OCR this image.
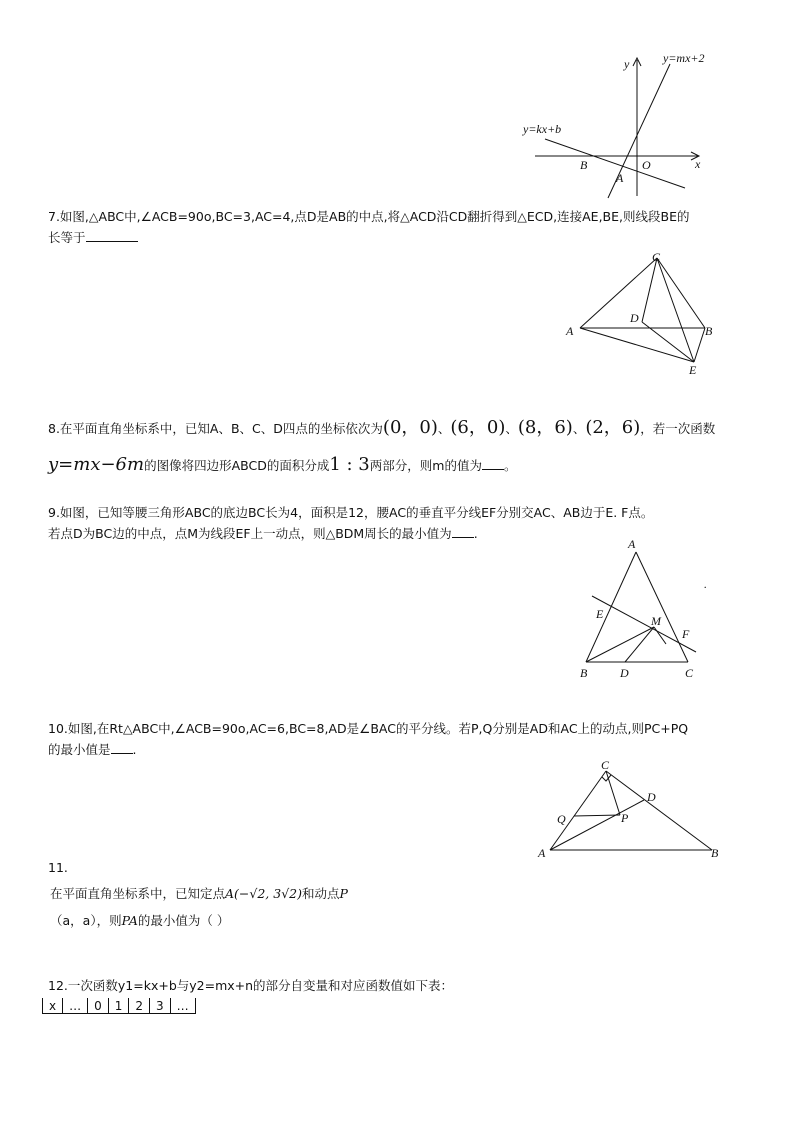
y
x
y=mx+2
y=kx+b
B	O
A
7.如图,△ABC中,∠ACB=90o,BC=3,AC=4,点D是AB的中点,将△ACD沿CD翻折得到△ECD,连接AE,BE,则线段BE的
长等于
C
D
A	B
E
8.在平面直角坐标系中，已知A、B、C、D四点的坐标依次为(0，0)、(6，0)、(8，6)、(2，6)，若一次函数
y=mx−6m的图像将四边形ABCD的面积分成1 : 3两部分，则m的值为 。
9.如图，已知等腰三角形ABC的底边BC长为4，面积是12，腰AC的垂直平分线EF分别交AC、AB边于E. F点。
若点D为BC边的中点，点M为线段EF上一动点，则△BDM周长的最小值为 .
A
E	M
F
B	D	C
.
10.如图,在Rt△ABC中,∠ACB=90o,AC=6,BC=8,AD是∠BAC的平分线。若P,Q分别是AD和AC上的动点,则PC+PQ
的最小值是 .
C
D
Q	P
A	B
11.
在平面直角坐标系中，已知定点A(−√2, 3√2)和动点P
（a，a），则PA的最小值为（ ）
12.一次函数y1=kx+b与y2=mx+n的部分自变量和对应函数值如下表：
x	…	0	1	2	3	…
